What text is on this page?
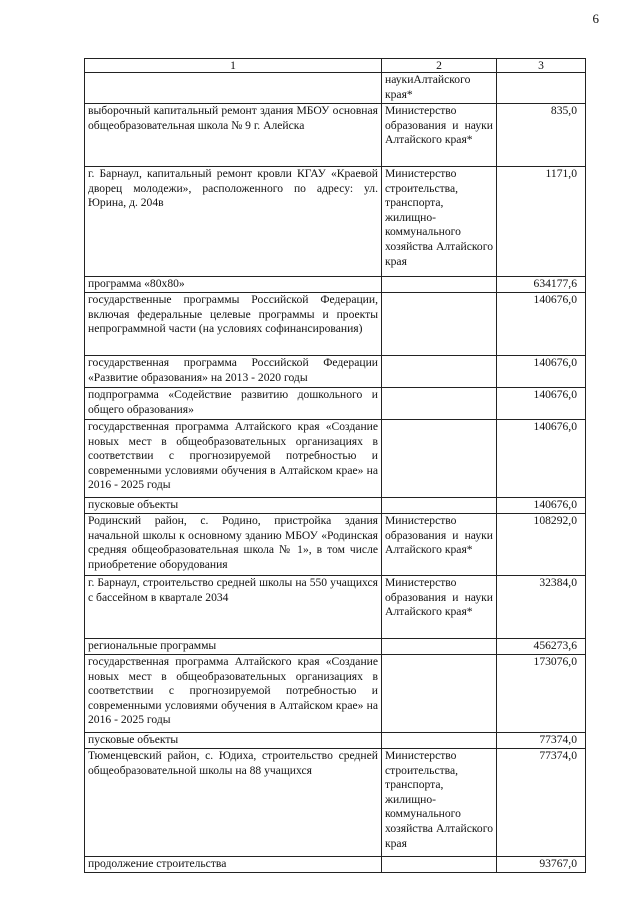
6
1	2	3
	наукиАлтайского края*	
выборочный капитальный ремонт здания МБОУ основная общеобразовательная школа № 9 г. Алейска	Министерство образования и науки Алтайского края*	835,0
г. Барнаул, капитальный ремонт кровли КГАУ «Краевой дворец молодежи», расположенного по адресу: ул. Юрина, д. 204в	Министерство строительства, транспорта, жилищно-коммунального хозяйства Алтайского края	1171,0
программа «80х80»		634177,6
государственные программы Российской Федерации, включая федеральные целевые программы и проекты непрограммной части (на условиях софинансирования)		140676,0
государственная программа Российской Федерации «Развитие образования» на 2013 - 2020 годы		140676,0
подпрограмма «Содействие развитию дошкольного и общего образования»		140676,0
государственная программа Алтайского края «Создание новых мест в общеобразовательных организациях в соответствии с прогнозируемой потребностью и современными условиями обучения в Алтайском крае» на 2016 - 2025 годы		140676,0
пусковые объекты		140676,0
Родинский район, с. Родино, пристройка здания начальной школы к основному зданию МБОУ «Родинская средняя общеобразовательная школа № 1», в том числе приобретение оборудования	Министерство образования и науки Алтайского края*	108292,0
г. Барнаул, строительство средней школы на 550 учащихся с бассейном в квартале 2034	Министерство образования и науки Алтайского края*	32384,0
региональные программы		456273,6
государственная программа Алтайского края «Создание новых мест в общеобразовательных организациях в соответствии с прогнозируемой потребностью и современными условиями обучения в Алтайском крае» на 2016 - 2025 годы		173076,0
пусковые объекты		77374,0
Тюменцевский район, с. Юдиха, строительство средней общеобразовательной школы на 88 учащихся	Министерство строительства, транспорта, жилищно-коммунального хозяйства Алтайского края	77374,0
продолжение строительства		93767,0
